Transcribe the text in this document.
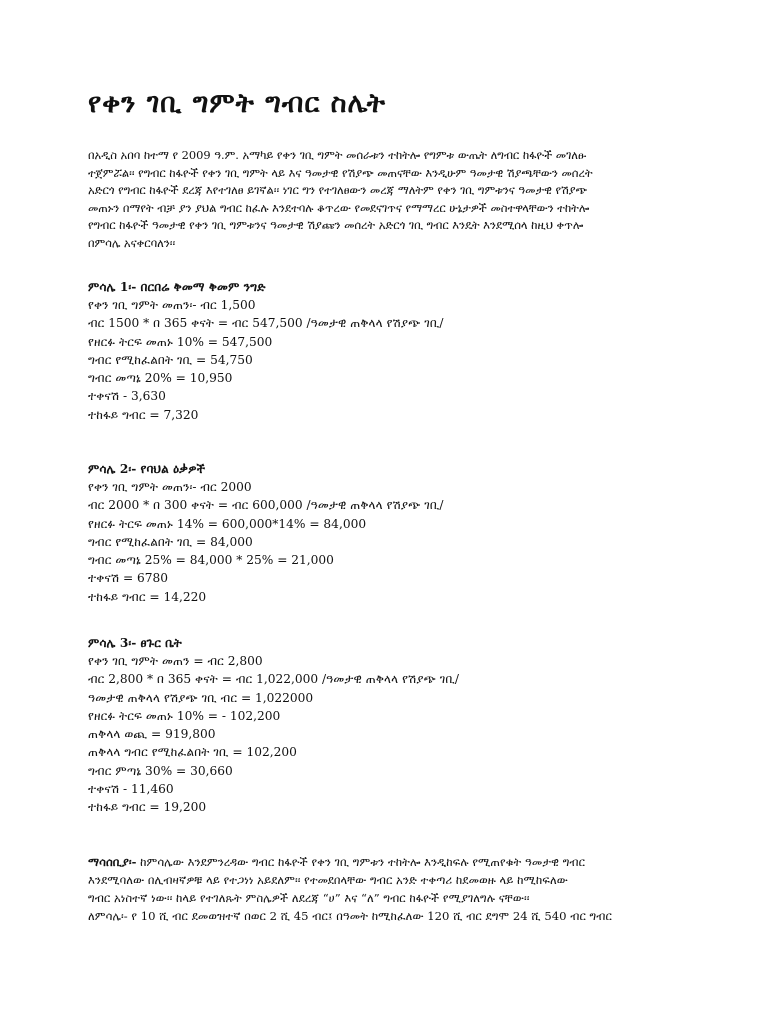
የቀን ገቢ ግምት ግብር ስሌት
በአዲስ አበባ ከተማ የ 2009 ዓ.ም. አማካይ የቀን ገቢ ግምት መሰራቱን ተከትሎ የግምቱ ውጤት ለግብር ከፋዮች መገለፁ
ተጀምሯል፡፡ የግብር ከፋዮች የቀን ገቢ ግምት ላይ እና ዓመታዊ የሽያጭ መጠናቸው እንዲሁም ዓመታዊ ሽያጫቸውን መሰረት
አድርጎ የግብር ከፋዮች ደረጃ እየተገለፀ ይገኛል፡፡ ነገር ግን የተገለፀውን መረጃ ማለትም የቀን ገቢ ግምቱንና ዓመታዊ የሽያጭ
መጠኑን በማየት ብቻ ያን ያህል ግብር ከፈሉ እንደተባሉ ቆጥረው የመደናገጥና የማማረር ሁኔታዎች መስተዋላቸውን ተከትሎ
የግብር ከፋዮች ዓመታዊ የቀን ገቢ ግምቱንና ዓመታዊ ሽያጩን መሰረት አድርጎ ገቢ ግብር እንዴት እንደሚሰላ ከዚህ ቀጥሎ
በምሳሌ አናቀርባለን፡፡
ምሳሌ 1፡- በርበሬ ቅመማ ቅመም ንግድ
የቀን ገቢ ግምት መጠን፡- ብር 1,500
ብር 1500 * በ 365 ቀናት = ብር 547,500 /ዓመታዊ ጠቅላላ የሽያጭ ገቢ/
የዘርፉ ትርፍ መጠኑ 10% = 547,500
ግብር የሚከፈልበት ገቢ = 54,750
ግብር መጣኔ 20% = 10,950
ተቀናሽ - 3,630
ተከፋይ ግብር = 7,320
ምሳሌ 2፡- የባህል ዕቃዎች
የቀን ገቢ ግምት መጠን፡- ብር 2000
ብር 2000 * በ 300 ቀናት = ብር 600,000 /ዓመታዊ ጠቅላላ የሽያጭ ገቢ/
የዘርፉ ትርፍ መጠኑ 14% = 600,000*14% = 84,000
ግብር የሚከፈልበት ገቢ = 84,000
ግብር መጣኔ 25% = 84,000 * 25% = 21,000
ተቀናሽ = 6780
ተከፋይ ግብር = 14,220
ምሳሌ 3፡- ፀጉር ቤት
የቀን ገቢ ግምት መጠን = ብር 2,800
ብር 2,800 * በ 365 ቀናት = ብር 1,022,000 /ዓመታዊ ጠቅላላ የሽያጭ ገቢ/
ዓመታዊ ጠቅላላ የሽያጭ ገቢ ብር = 1,022000
የዘርፉ ትርፍ መጠኑ 10% = - 102,200
ጠቅላላ ወጪ = 919,800
ጠቅላላ ግብር የሚከፈልበት ገቢ = 102,200
ግብር ምጣኔ 30% = 30,660
ተቀናሽ - 11,460
ተከፋይ ግብር = 19,200
ማሳሰቢያ፡- ከምሳሌው እንደምንረዳው ግብር ከፋዮች የቀን ገቢ ግምቱን ተከትሎ እንዲከፍሉ የሚጠየቁት ዓመታዊ ግብር
እንደሚባለው በሊብዛኛዎቹ ላይ የተጋነነ አይደለም፡፡ የተመደበላቸው ግብር አንድ ተቀጣሪ ከደመወዙ ላይ ከሚከፍለው
ግብር አነስተኛ ነው፡፡ ከላይ የተገለጹት ምስሌዎች ለደረጃ “ሀ” እና “ለ” ግብር ከፋዮች የሚያገለግሉ ናቸው፡፡
ለምሳሌ፡- የ 10 ሺ ብር ደመወዝተኛ በወር 2 ሺ 45 ብር፤ በዓመት ከሚከፈለው 120 ሺ ብር ደግሞ 24 ሺ 540 ብር ግብር
